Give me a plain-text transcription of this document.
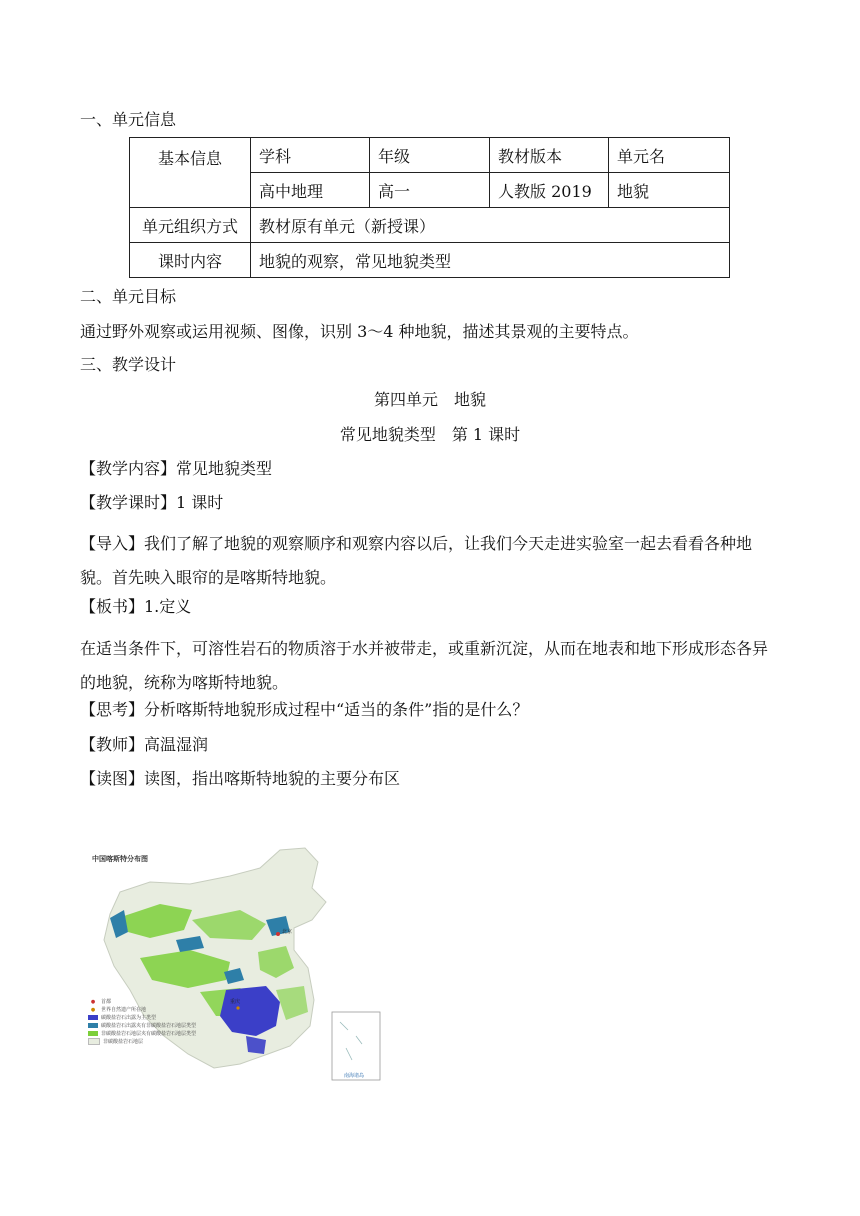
一、单元信息
基本信息	学科	年级	教材版本	单元名
	高中地理	高一	人教版 2019	地貌
单元组织方式	教材原有单元（新授课）			
课时内容	地貌的观察，常见地貌类型			
二、单元目标
通过野外观察或运用视频、图像，识别 3～4 种地貌，描述其景观的主要特点。
三、教学设计
第四单元　地貌
常见地貌类型　第 1 课时
【教学内容】常见地貌类型
【教学课时】1 课时
【导入】我们了解了地貌的观察顺序和观察内容以后，让我们今天走进实验室一起去看看各种地貌。首先映入眼帘的是喀斯特地貌。
【板书】1.定义
在适当条件下，可溶性岩石的物质溶于水并被带走，或重新沉淀，从而在地表和地下形成形态各异的地貌，统称为喀斯特地貌。
【思考】分析喀斯特地貌形成过程中“适当的条件”指的是什么？
【教师】高温湿润
【读图】读图，指出喀斯特地貌的主要分布区
中国喀斯特分布图
北京
重庆
南海诸岛
●	首都
●	世界自然遗产所在地
碳酸盐岩石出露为主类型
碳酸盐岩石出露夹有非碳酸盐岩石地层类型
非碳酸盐岩石地层夹有碳酸盐岩石地层类型
非碳酸盐岩石地层
